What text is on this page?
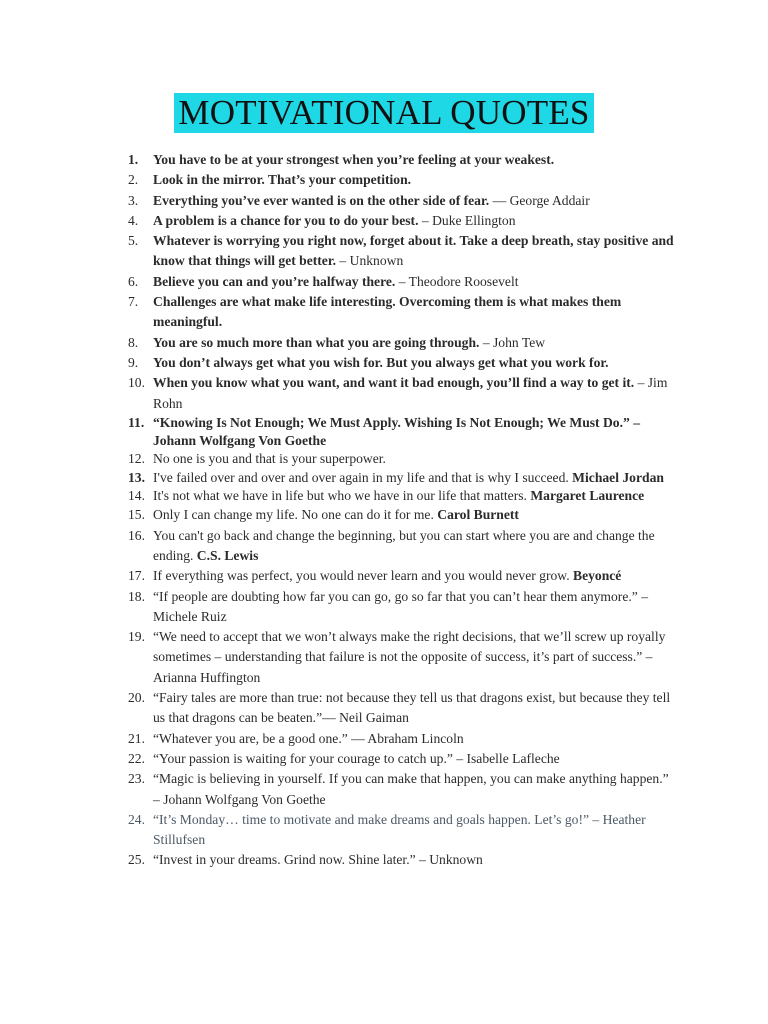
MOTIVATIONAL QUOTES
1. You have to be at your strongest when you’re feeling at your weakest.
2. Look in the mirror. That’s your competition.
3. Everything you’ve ever wanted is on the other side of fear. — George Addair
4. A problem is a chance for you to do your best. – Duke Ellington
5. Whatever is worrying you right now, forget about it. Take a deep breath, stay positive and know that things will get better. – Unknown
6. Believe you can and you’re halfway there. – Theodore Roosevelt
7. Challenges are what make life interesting. Overcoming them is what makes them meaningful.
8. You are so much more than what you are going through. – John Tew
9. You don’t always get what you wish for. But you always get what you work for.
10. When you know what you want, and want it bad enough, you’ll find a way to get it. – Jim Rohn
11. “Knowing Is Not Enough; We Must Apply. Wishing Is Not Enough; We Must Do.” – Johann Wolfgang Von Goethe
12. No one is you and that is your superpower.
13. I've failed over and over and over again in my life and that is why I succeed. Michael Jordan
14. It's not what we have in life but who we have in our life that matters. Margaret Laurence
15. Only I can change my life. No one can do it for me. Carol Burnett
16. You can't go back and change the beginning, but you can start where you are and change the ending. C.S. Lewis
17. If everything was perfect, you would never learn and you would never grow. Beyoncé
18. “If people are doubting how far you can go, go so far that you can’t hear them anymore.” – Michele Ruiz
19. “We need to accept that we won’t always make the right decisions, that we’ll screw up royally sometimes – understanding that failure is not the opposite of success, it’s part of success.” – Arianna Huffington
20. “Fairy tales are more than true: not because they tell us that dragons exist, but because they tell us that dragons can be beaten.”— Neil Gaiman
21. “Whatever you are, be a good one.” — Abraham Lincoln
22. “Your passion is waiting for your courage to catch up.” – Isabelle Lafleche
23. “Magic is believing in yourself. If you can make that happen, you can make anything happen.” – Johann Wolfgang Von Goethe
24. “It’s Monday… time to motivate and make dreams and goals happen. Let’s go!” – Heather Stillufsen
25. “Invest in your dreams. Grind now. Shine later.” – Unknown
